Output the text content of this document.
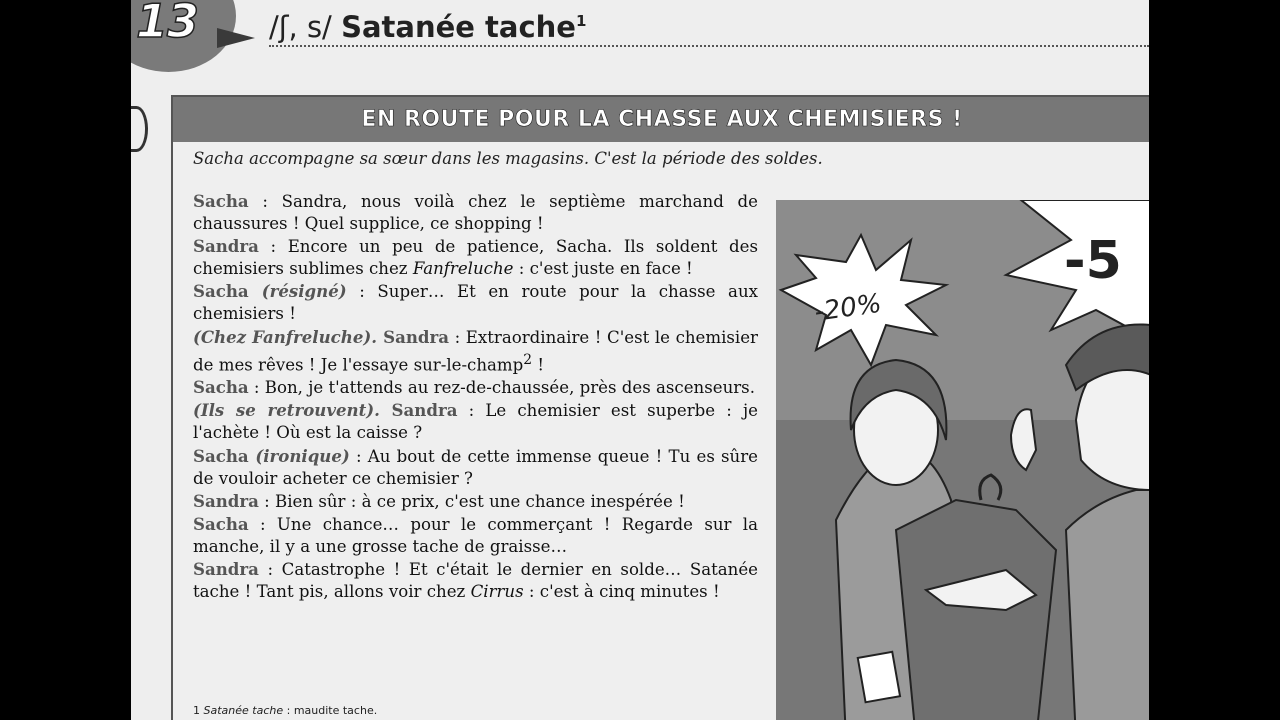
13 /ʃ, s/ Satanée tache$^1$
EN ROUTE POUR LA CHASSE AUX CHEMISIERS !
Sacha accompagne sa sœur dans les magasins. C'est la période des soldes.
Sacha : Sandra, nous voilà chez le septième marchand de chaussures ! Quel supplice, ce shopping !
Sandra : Encore un peu de patience, Sacha. Ils soldent des chemisiers sublimes chez Fanfreluche : c'est juste en face !
Sacha (résigné) : Super… Et en route pour la chasse aux chemisiers !
(Chez Fanfreluche). Sandra : Extraordinaire ! C'est le chemisier de mes rêves ! Je l'essaye sur-le-champ$^2$ !
Sacha : Bon, je t'attends au rez-de-chaussée, près des ascenseurs.
(Ils se retrouvent). Sandra : Le chemisier est superbe : je l'achète ! Où est la caisse ?
Sacha (ironique) : Au bout de cette immense queue ! Tu es sûre de vouloir acheter ce chemisier ?
Sandra : Bien sûr : à ce prix, c'est une chance inespérée !
Sacha : Une chance… pour le commerçant ! Regarde sur la manche, il y a une grosse tache de graisse…
Sandra : Catastrophe ! Et c'était le dernier en solde… Satanée tache ! Tant pis, allons voir chez Cirrus : c'est à cinq minutes !
1 Satanée tache : maudite tache.
-5
-20%
